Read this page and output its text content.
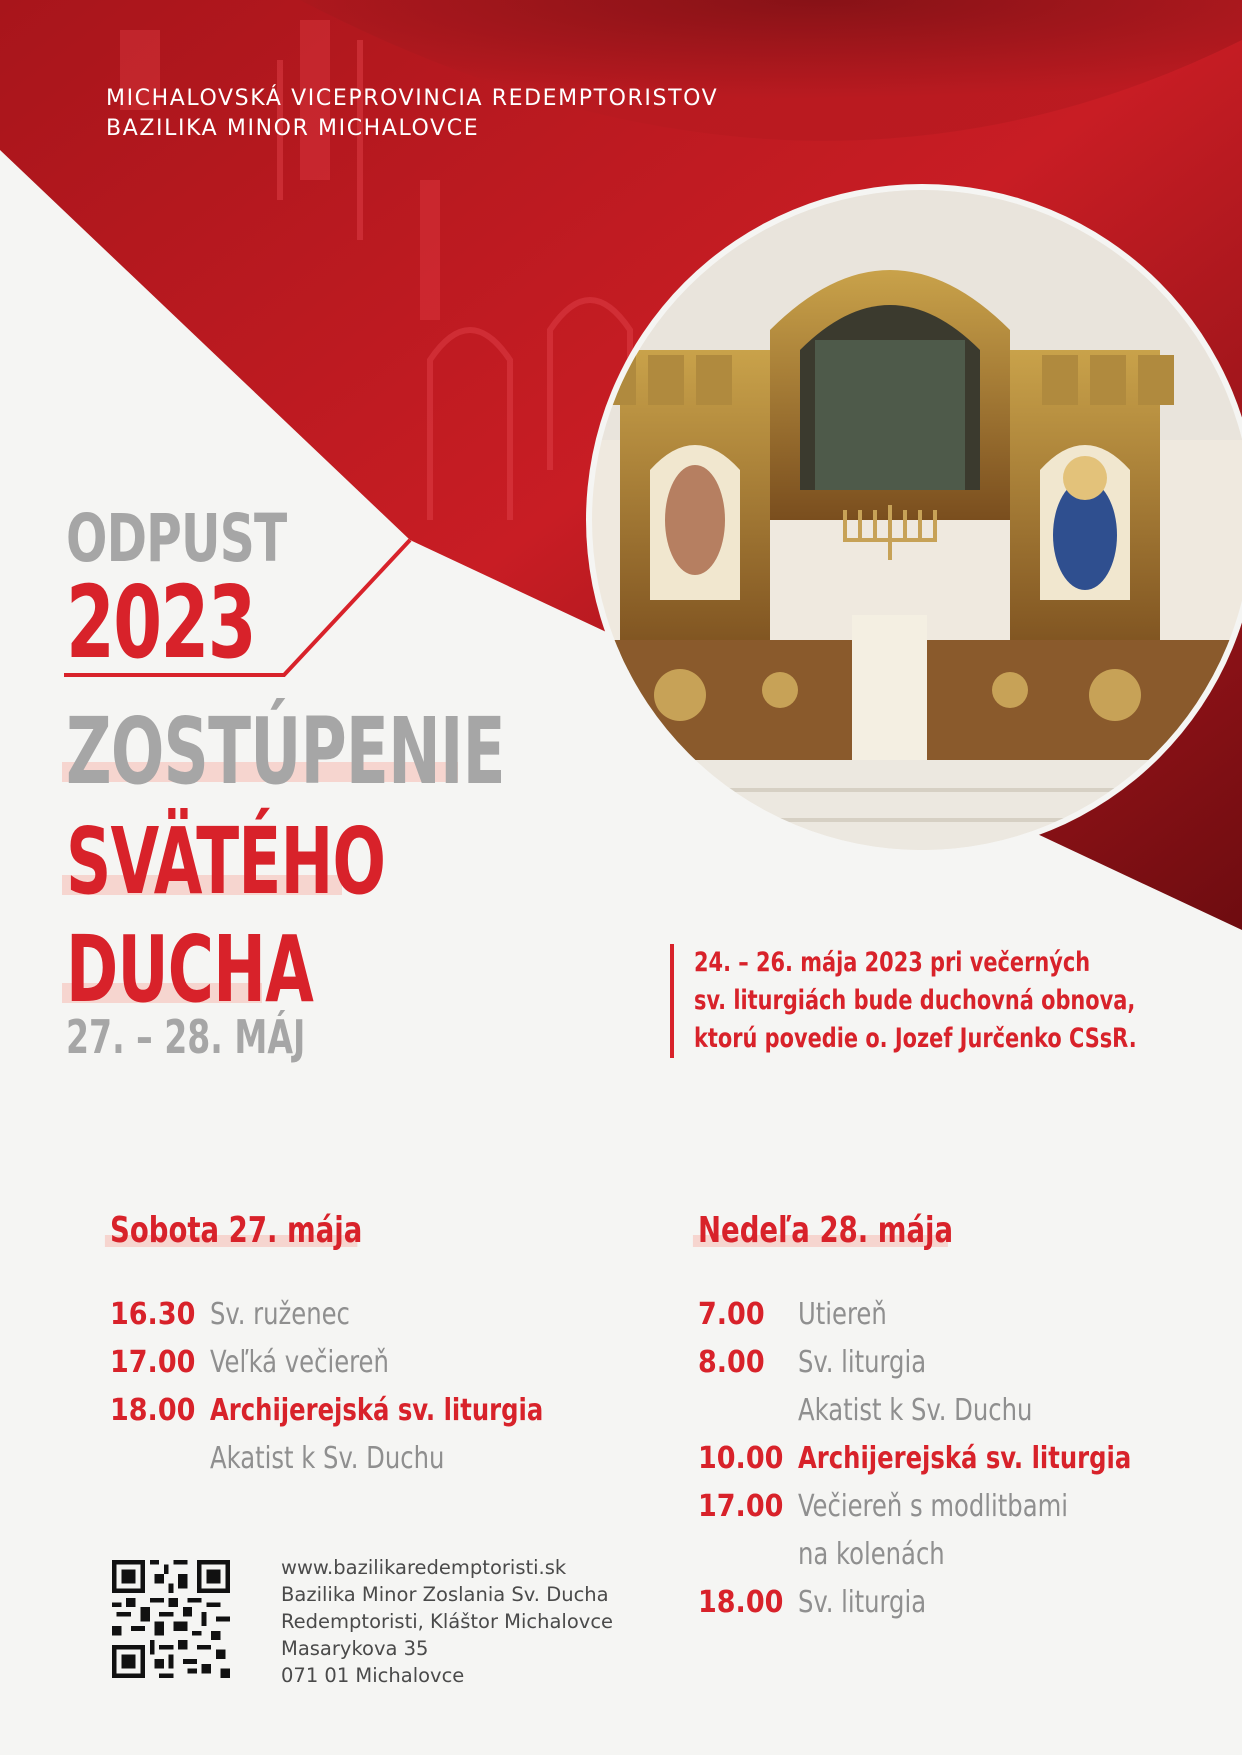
MICHALOVSKÁ VICEPROVINCIA REDEMPTORISTOV
BAZILIKA MINOR MICHALOVCE
ODPUST
2023
ZOSTÚPENIE
SVÄTÉHO
DUCHA
27. – 28. MÁJ
24. – 26. mája 2023 pri večerných
sv. liturgiách bude duchovná obnova,
ktorú povedie o. Jozef Jurčenko CSsR.
Sobota 27. mája
16.30 Sv. ruženec
17.00 Veľká večiereň
18.00 Archijerejská sv. liturgia
Akatist k Sv. Duchu
Nedeľa 28. mája
7.00	Utiereň
8.00	Sv. liturgia
Akatist k Sv. Duchu
10.00 Archijerejská sv. liturgia
17.00 Večiereň s modlitbami
na kolenách
18.00 Sv. liturgia
www.bazilikaredemptoristi.sk
Bazilika Minor Zoslania Sv. Ducha
Redemptoristi, Kláštor Michalovce
Masarykova 35
071 01 Michalovce
